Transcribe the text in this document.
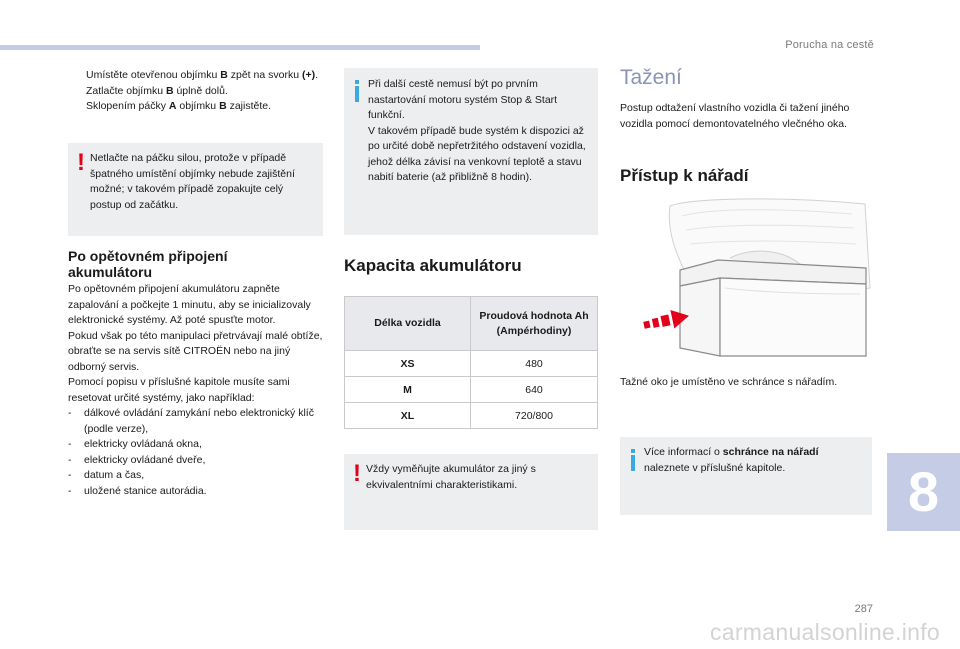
Porucha na cestě
Umístěte otevřenou objímku B zpět na svorku (+).
Zatlačte objímku B úplně dolů.
Sklopením páčky A objímku B zajistěte.
! Netlačte na páčku silou, protože v případě špatného umístění objímky nebude zajištění možné; v takovém případě zopakujte celý postup od začátku.
Po opětovném připojení
akumulátoru

Po opětovném připojení akumulátoru zapněte zapalování a počkejte 1 minutu, aby se inicializovaly elektronické systémy. Až poté spusťte motor.

Pokud však po této manipulaci přetrvávají malé obtíže, obraťte se na servis sítě CITROËN nebo na jiný odborný servis.

Pomocí popisu v příslušné kapitole musíte sami resetovat určité systémy, jako například:

-	dálkové ovládání zamykání nebo elektronický klíč (podle verze),
-	elektricky ovládaná okna,
-	elektricky ovládané dveře,
-	datum a čas,
-	uložené stanice autorádia.

Při další cestě nemusí být po prvním nastartování motoru systém Stop & Start funkční.

V takovém případě bude systém k dispozici až po určité době nepřetržitého odstavení vozidla, jehož délka závisí na venkovní teplotě a stavu nabití baterie (až přibližně 8 hodin).

Kapacita akumulátoru
Délka vozidla	Proudová hodnota Ah (Ampérhodiny)
XS	480
M	640
XL	720/800
! Vždy vyměňujte akumulátor za jiný s ekvivalentními charakteristikami.
Tažení
Postup odtažení vlastního vozidla či tažení jiného vozidla pomocí demontovatelného vlečného oka.
Přístup k nářadí
Tažné oko je umístěno ve schránce s nářadím.
Více informací o schránce na nářadí naleznete v příslušné kapitole.	8
287
carmanualsonline.info
